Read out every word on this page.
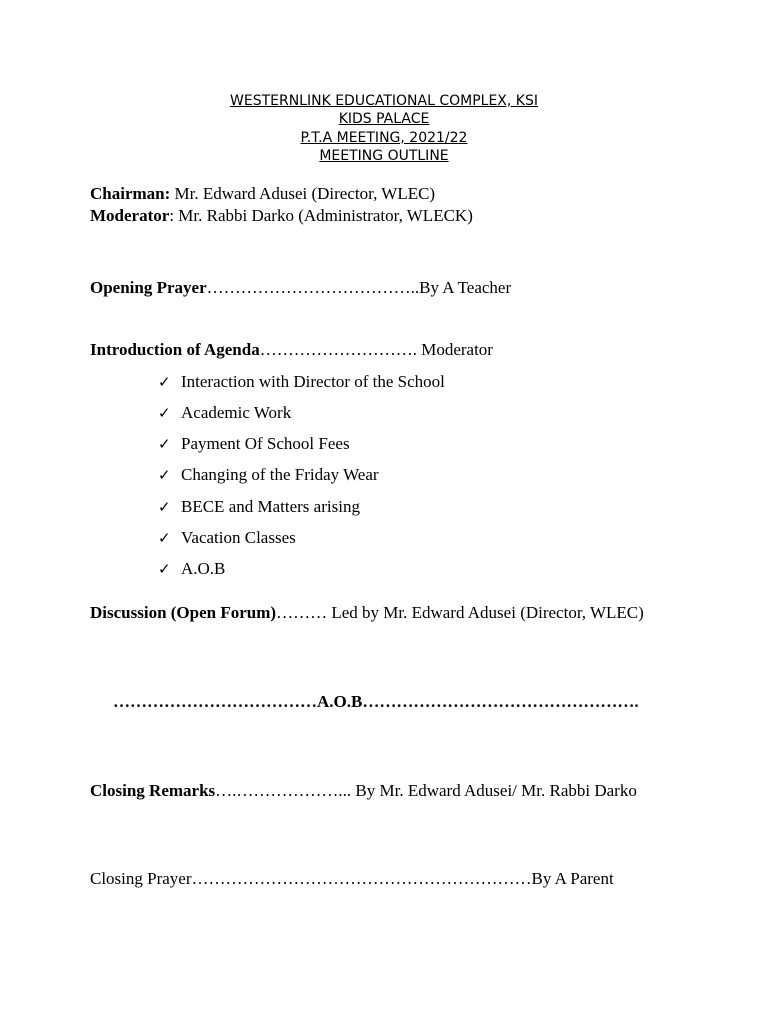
WESTERNLINK EDUCATIONAL COMPLEX, KSI
KIDS PALACE
P.T.A MEETING, 2021/22
MEETING OUTLINE
Chairman: Mr. Edward Adusei (Director, WLEC)
Moderator: Mr. Rabbi Darko (Administrator, WLECK)
Opening Prayer………………………………..By A Teacher
Introduction of Agenda………………………. Moderator
✓ Interaction with Director of the School
✓ Academic Work
✓ Payment Of School Fees
✓ Changing of the Friday Wear
✓ BECE and Matters arising
✓ Vacation Classes
✓ A.O.B
Discussion (Open Forum)……… Led by Mr. Edward Adusei (Director, WLEC)
………………………………A.O.B………………………………………….
Closing Remarks….………………... By Mr. Edward Adusei/ Mr. Rabbi Darko
Closing Prayer……………………………………………………By A Parent
